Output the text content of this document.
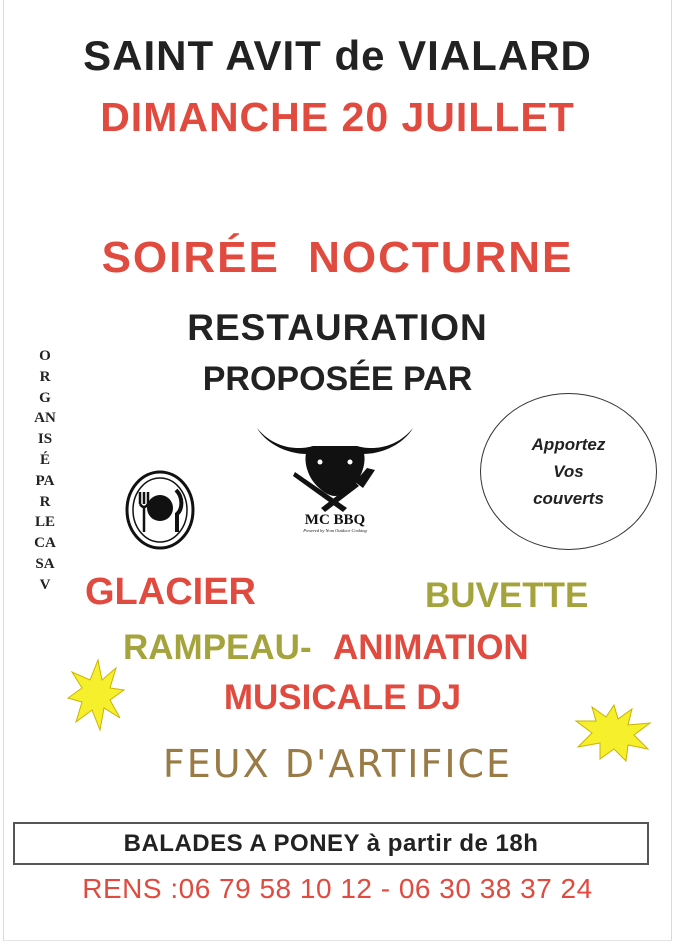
SAINT AVIT de VIALARD
DIMANCHE 20 JUILLET
SOIRÉE NOCTURNE
RESTAURATION
PROPOSÉE PAR
ORGANISÉ PAR LE CASAV
MC BBQ
Powered by Nom Outdoor Cooking
Apportez
Vos
couverts
GLACIER	BUVETTE
RAMPEAU- ANIMATION
MUSICALE DJ
FEUX D'ARTIFICE
BALADES A PONEY à partir de 18h
RENS :06 79 58 10 12 - 06 30 38 37 24
